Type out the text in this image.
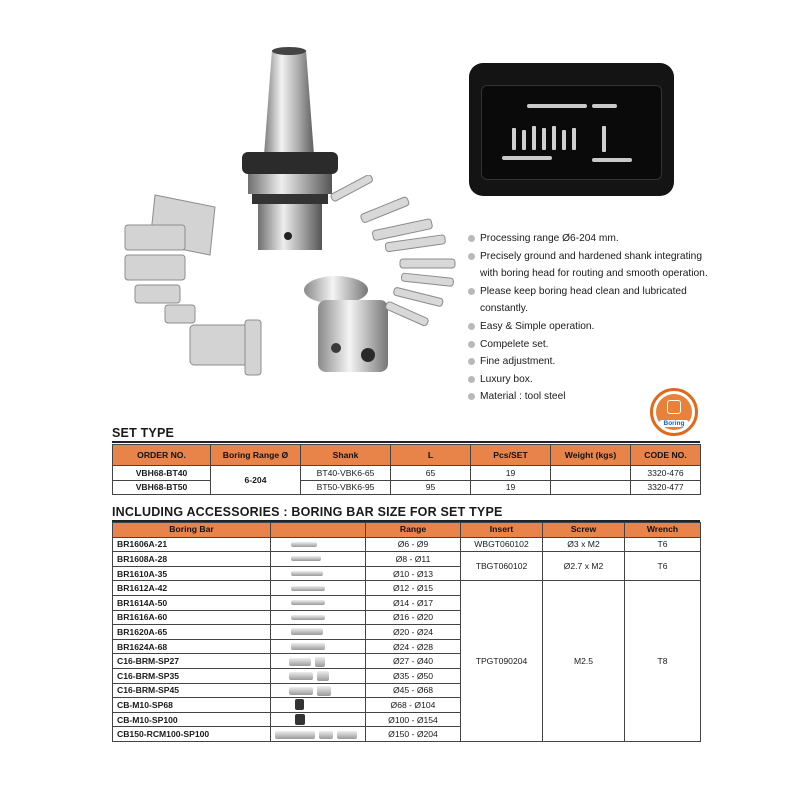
Processing range Ø6-204 mm.
Precisely ground and hardened shank integrating with boring head for routing and smooth operation.
Please keep boring head clean and lubricated constantly.
Easy & Simple operation.
Compelete set.
Fine adjustment.
Luxury box.
Material : tool steel
Boring
SET TYPE
ORDER NO.	Boring Range Ø	Shank	L	Pcs/SET	Weight (kgs)	CODE NO.
VBH68-BT40	6-204	BT40-VBK6-65	65	19		3320-476
VBH68-BT50		BT50-VBK6-95	95	19		3320-477
INCLUDING ACCESSORIES : BORING BAR SIZE FOR SET TYPE
Boring Bar		Range	Insert	Screw	Wrench
BR1606A-21		Ø6 - Ø9	WBGT060102	Ø3 x M2	T6
BR1608A-28		Ø8 - Ø11	TBGT060102	Ø2.7 x M2	T6
BR1610A-35		Ø10 - Ø13			
BR1612A-42		Ø12 - Ø15	TPGT090204	M2.5	T8
BR1614A-50		Ø14 - Ø17			
BR1616A-60		Ø16 - Ø20			
BR1620A-65		Ø20 - Ø24			
BR1624A-68		Ø24 - Ø28			
C16-BRM-SP27		Ø27 - Ø40			
C16-BRM-SP35		Ø35 - Ø50			
C16-BRM-SP45		Ø45 - Ø68			
CB-M10-SP68		Ø68 - Ø104			
CB-M10-SP100		Ø100 - Ø154			
CB150-RCM100-SP100		Ø150 - Ø204			
